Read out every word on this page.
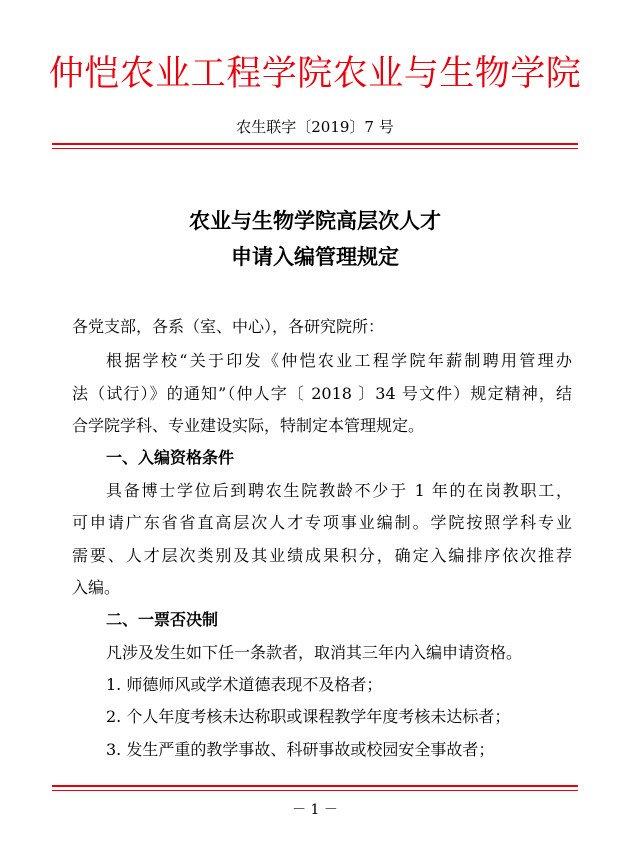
仲恺农业工程学院农业与生物学院
农生联字〔2019〕7 号
农业与生物学院高层次人才
申请入编管理规定
各党支部，各系（室、中心），各研究院所：
根据学校“关于印发《仲恺农业工程学院年薪制聘用管理办
法（试行）》的通知”（仲人字〔 2018 〕34 号文件）规定精神，结
合学院学科、专业建设实际，特制定本管理规定。
一、入编资格条件
具备博士学位后到聘农生院教龄不少于 1 年的在岗教职工，
可申请广东省省直高层次人才专项事业编制。学院按照学科专业
需要、人才层次类别及其业绩成果积分，确定入编排序依次推荐
入编。
二、一票否决制
凡涉及发生如下任一条款者，取消其三年内入编申请资格。
1. 师德师风或学术道德表现不及格者；
2. 个人年度考核未达称职或课程教学年度考核未达标者；
3. 发生严重的教学事故、科研事故或校园安全事故者；
－ 1 －
